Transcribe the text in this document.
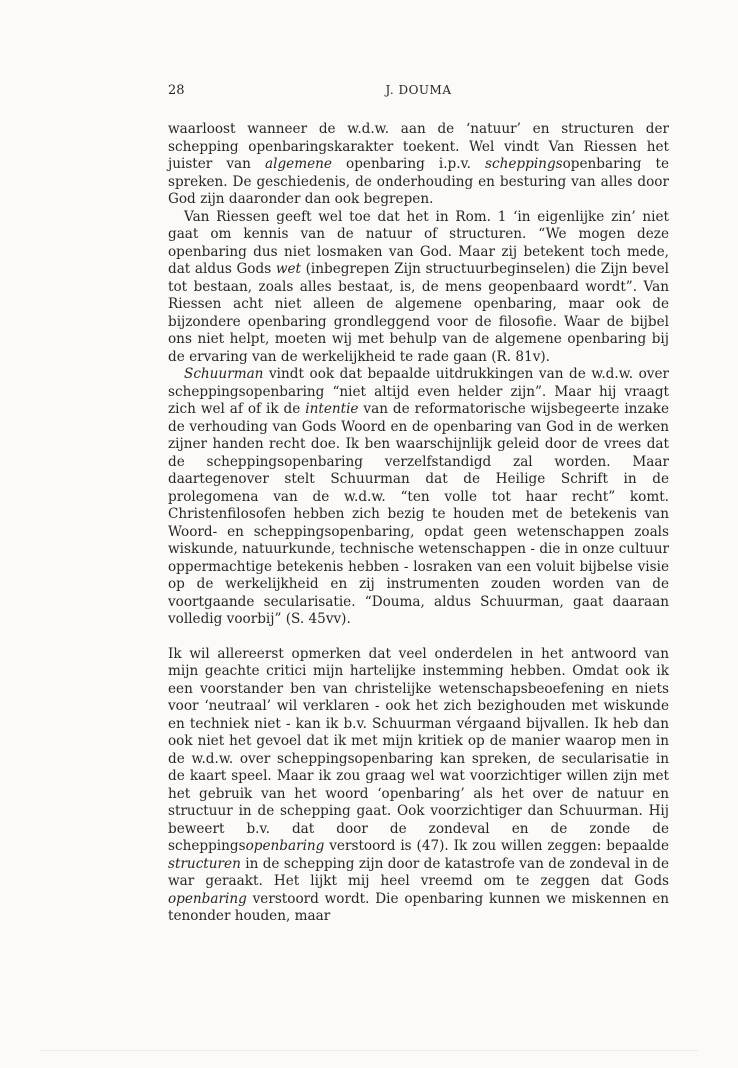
28	J. DOUMA

waarloost wanneer de w.d.w. aan de ‘natuur’ en structuren der schepping openbaringskarakter toekent. Wel vindt Van Riessen het juister van algemene openbaring i.p.v. scheppingsopenbaring te spreken. De geschiedenis, de onderhouding en besturing van alles door God zijn daaronder dan ook begrepen.

Van Riessen geeft wel toe dat het in Rom. 1 ‘in eigenlijke zin’ niet gaat om kennis van de natuur of structuren. “We mogen deze openbaring dus niet losmaken van God. Maar zij betekent toch mede, dat aldus Gods wet (inbegrepen Zijn structuurbeginselen) die Zijn bevel tot bestaan, zoals alles bestaat, is, de mens geopenbaard wordt”. Van Riessen acht niet alleen de algemene openbaring, maar ook de bijzondere openbaring grondleggend voor de filosofie. Waar de bijbel ons niet helpt, moeten wij met behulp van de algemene openbaring bij de ervaring van de werkelijkheid te rade gaan (R. 81v).

Schuurman vindt ook dat bepaalde uitdrukkingen van de w.d.w. over scheppingsopenbaring “niet altijd even helder zijn”. Maar hij vraagt zich wel af of ik de intentie van de reformatorische wijsbegeerte inzake de verhouding van Gods Woord en de openbaring van God in de werken zijner handen recht doe. Ik ben waarschijnlijk geleid door de vrees dat de scheppingsopenbaring verzelfstandigd zal worden. Maar daartegenover stelt Schuurman dat de Heilige Schrift in de prolegomena van de w.d.w. “ten volle tot haar recht” komt. Christenfilosofen hebben zich bezig te houden met de betekenis van Woord- en scheppingsopenbaring, opdat geen wetenschappen zoals wiskunde, natuurkunde, technische wetenschappen - die in onze cultuur oppermachtige betekenis hebben - losraken van een voluit bijbelse visie op de werkelijkheid en zij instrumenten zouden worden van de voortgaande secularisatie. “Douma, aldus Schuurman, gaat daaraan volledig voorbij” (S. 45vv).

Ik wil allereerst opmerken dat veel onderdelen in het antwoord van mijn geachte critici mijn hartelijke instemming hebben. Omdat ook ik een voorstander ben van christelijke wetenschapsbeoefening en niets voor ‘neutraal’ wil verklaren - ook het zich bezighouden met wiskunde en techniek niet - kan ik b.v. Schuurman vérgaand bijvallen. Ik heb dan ook niet het gevoel dat ik met mijn kritiek op de manier waarop men in de w.d.w. over scheppingsopenbaring kan spreken, de secularisatie in de kaart speel. Maar ik zou graag wel wat voorzichtiger willen zijn met het gebruik van het woord ‘openbaring’ als het over de natuur en structuur in de schepping gaat. Ook voorzichtiger dan Schuurman. Hij beweert b.v. dat door de zondeval en de zonde de scheppingsopenbaring verstoord is (47). Ik zou willen zeggen: bepaalde structuren in de schepping zijn door de katastrofe van de zondeval in de war geraakt. Het lijkt mij heel vreemd om te zeggen dat Gods openbaring verstoord wordt. Die openbaring kunnen we miskennen en tenonder houden, maar
